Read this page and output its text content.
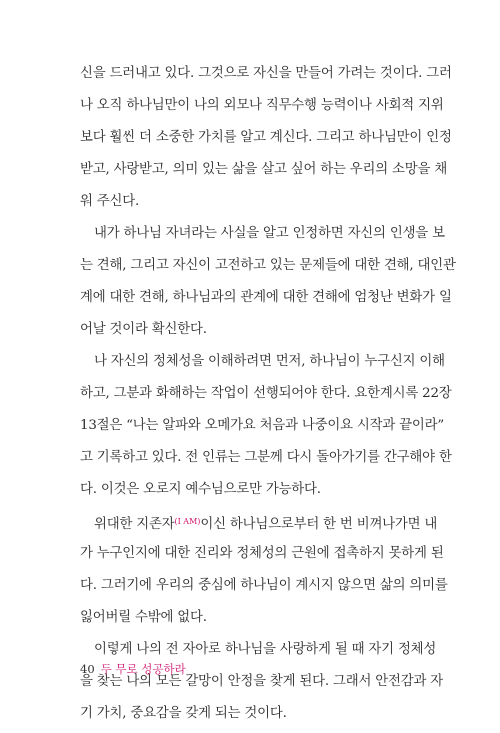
신을 드러내고 있다. 그것으로 자신을 만들어 가려는 것이다. 그러
나 오직 하나님만이 나의 외모나 직무수행 능력이나 사회적 지위
보다 훨씬 더 소중한 가치를 알고 계신다. 그리고 하나님만이 인정
받고, 사랑받고, 의미 있는 삶을 살고 싶어 하는 우리의 소망을 채
워 주신다.
내가 하나님 자녀라는 사실을 알고 인정하면 자신의 인생을 보
는 견해, 그리고 자신이 고전하고 있는 문제들에 대한 견해, 대인관
계에 대한 견해, 하나님과의 관계에 대한 견해에 엄청난 변화가 일
어날 것이라 확신한다.
나 자신의 정체성을 이해하려면 먼저, 하나님이 누구신지 이해
하고, 그분과 화해하는 작업이 선행되어야 한다. 요한계시록 22장
13절은 “나는 알파와 오메가요 처음과 나중이요 시작과 끝이라”
고 기록하고 있다. 전 인류는 그분께 다시 돌아가기를 간구해야 한
다. 이것은 오로지 예수님으로만 가능하다.
위대한 지존자$^{(I AM)}$이신 하나님으로부터 한 번 비껴나가면 내
가 누구인지에 대한 진리와 정체성의 근원에 접촉하지 못하게 된
다. 그러기에 우리의 중심에 하나님이 계시지 않으면 삶의 의미를
잃어버릴 수밖에 없다.
이렇게 나의 전 자아로 하나님을 사랑하게 될 때 자기 정체성
을 찾는 나의 모든 갈망이 안정을 찾게 된다. 그래서 안전감과 자
기 가치, 중요감을 갖게 되는 것이다.
40 두 무로 성공하라
